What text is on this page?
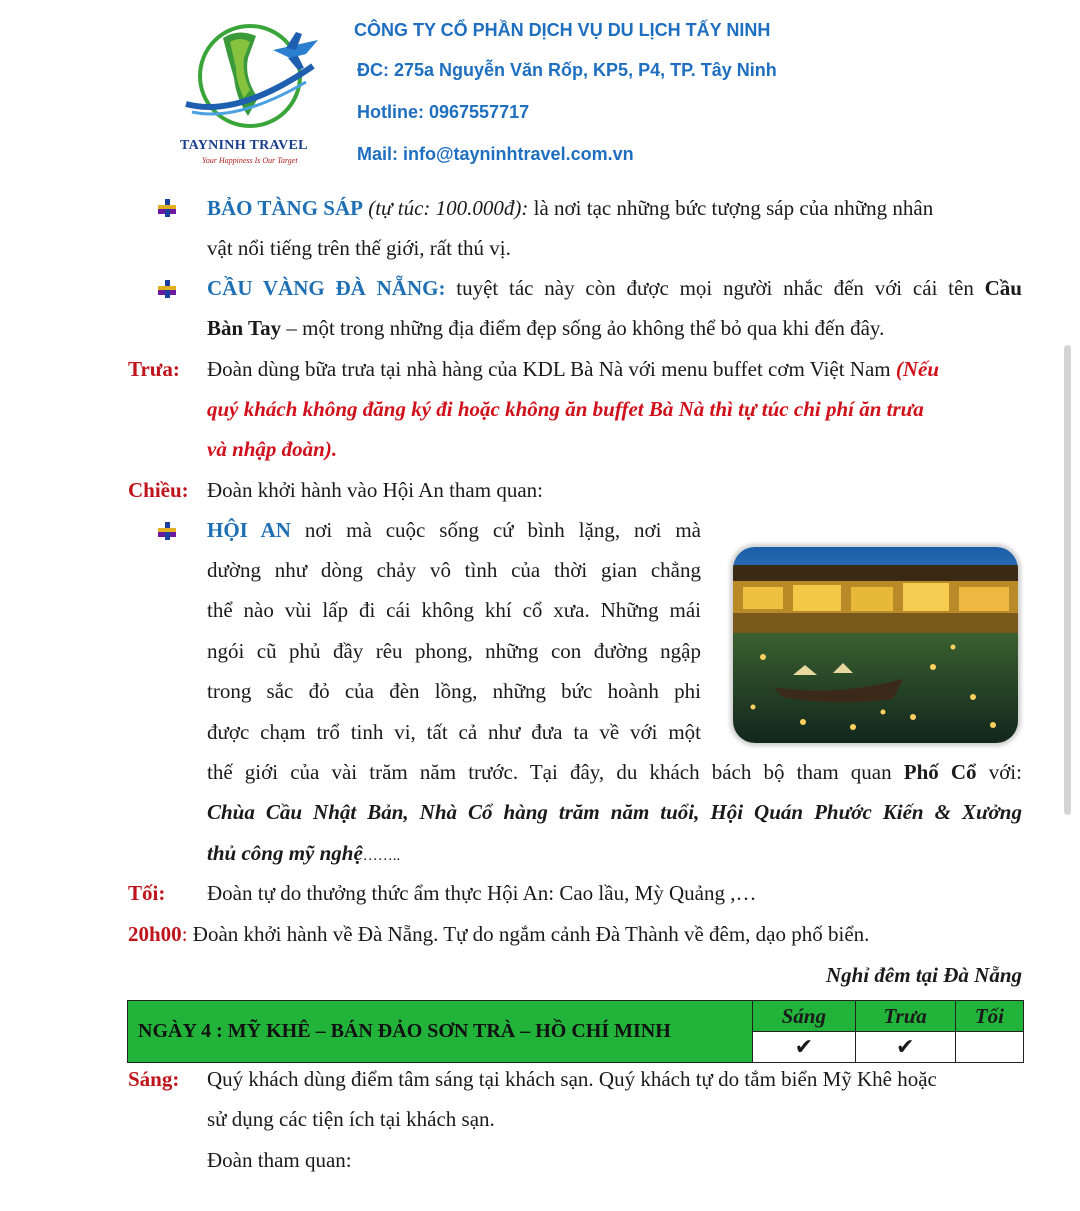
TAYNINH TRAVEL
Your Happiness Is Our Target
CÔNG TY CỔ PHẦN DỊCH VỤ DU LỊCH TẤY NINH
ĐC: 275a Nguyễn Văn Rốp, KP5, P4, TP. Tây Ninh
Hotline: 0967557717
Mail: info@tayninhtravel.com.vn
BẢO TÀNG SÁP (tự túc: 100.000đ): là nơi tạc những bức tượng sáp của những nhân
vật nổi tiếng trên thế giới, rất thú vị.
CẦU VÀNG ĐÀ NẴNG: tuyệt tác này còn được mọi người nhắc đến với cái tên Cầu
Bàn Tay – một trong những địa điểm đẹp sống ảo không thể bỏ qua khi đến đây.
Trưa: Đoàn dùng bữa trưa tại nhà hàng của KDL Bà Nà với menu buffet cơm Việt Nam (Nếu
quý khách không đăng ký đi hoặc không ăn buffet Bà Nà thì tự túc chi phí ăn trưa
và nhập đoàn).
Chiều: Đoàn khởi hành vào Hội An tham quan:
HỘI AN nơi mà cuộc sống cứ bình lặng, nơi mà
dường như dòng chảy vô tình của thời gian chẳng
thể nào vùi lấp đi cái không khí cổ xưa. Những mái
ngói cũ phủ đầy rêu phong, những con đường ngập
trong sắc đỏ của đèn lồng, những bức hoành phi
được chạm trổ tinh vi, tất cả như đưa ta về với một
thế giới của vài trăm năm trước. Tại đây, du khách bách bộ tham quan Phố Cổ với:
Chùa Cầu Nhật Bản, Nhà Cổ hàng trăm năm tuổi, Hội Quán Phước Kiến & Xưởng
thủ công mỹ nghệ……..
Tối: Đoàn tự do thưởng thức ẩm thực Hội An: Cao lầu, Mỳ Quảng ,…
20h00: Đoàn khởi hành về Đà Nẵng. Tự do ngắm cảnh Đà Thành về đêm, dạo phố biển.
Nghỉ đêm tại Đà Nẵng
NGÀY 4 : MỸ KHÊ – BÁN ĐẢO SƠN TRÀ – HỒ CHÍ MINH	Sáng	Trưa	Tối
	✔	✔	
Sáng: Quý khách dùng điểm tâm sáng tại khách sạn. Quý khách tự do tắm biển Mỹ Khê hoặc
sử dụng các tiện ích tại khách sạn.
Đoàn tham quan:
